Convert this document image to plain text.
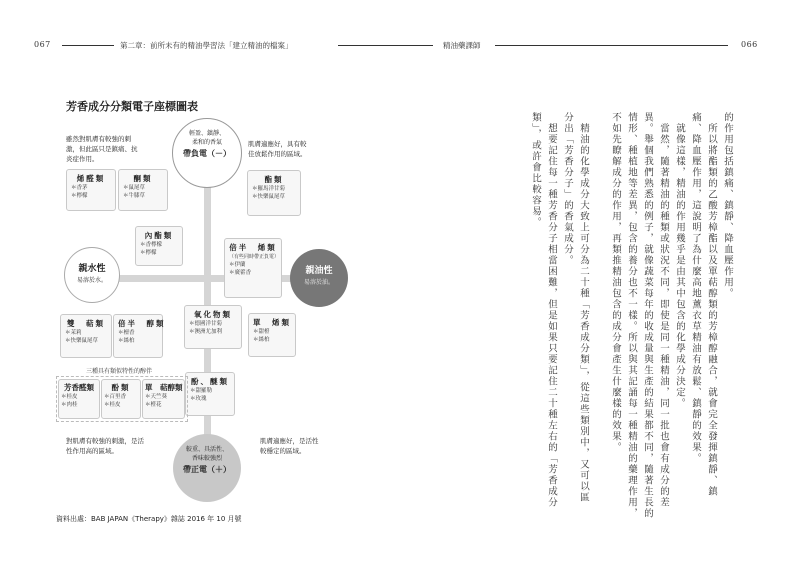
067	第二章：前所未有的精油學習法「建立精油的檔案」	精油藥課師	066
芳香成分分類電子座標圖表
輕盈、鎮靜、
柔和的香氣
帶負電（－）
較重、具活性、
香味較強烈
帶正電（＋）
親水性
易溶於水。
親油性
易溶於油。
雖然對肌膚有較強的刺
激，但此區只是鎮痛、抗
炎症作用。
肌膚適應好，具有較
佳放鬆作用的區域。
對肌膚有較強的刺激，是活
性作用高的區域。
肌膚適應好，是活性
較穩定的區域。
烯醛類
＊香茅
＊檸檬
酮類
＊鼠尾草
＊牛膝草
酯類
＊羅馬洋甘菊
＊快樂鼠尾草
內酯類
＊香檸檬
＊檸檬
倍半　烯類
（有些同時帶正負電）
＊伊蘭
＊廣藿香
雙　萜類
＊茉莉
＊快樂鼠尾草
倍半　醇類
＊檀香
＊絲柏
氧化物類
＊德國洋甘菊
＊澳洲尤加利
單　烯類
＊甜橙
＊絲柏
三種具有類似特性的醇伴
酚、醚類
＊甜羅勒
＊玫瑰
芳香醛類
＊桂皮
＊肉桂
酚類
＊百里香
＊桂皮
單　萜醇類
＊天竺葵
＊橙花
資料出處：BAB JAPAN《Therapy》雜誌 2016 年 10 月號
的作用包括鎮痛、鎮靜、降血壓作用。
　所以將酯類的乙酸芳樟酯以及單萜醇類的芳樟醇融合，就會完全發揮鎮靜、鎮
痛、降血壓作用，這說明了為什麼高地薰衣草精油有放鬆、鎮靜的效果。
　就像這樣，精油的作用幾乎是由其中包含的化學成分決定。
　當然，隨著精油的種類或狀況不同，即使是同一種精油，同一批也會有成分的差
異。舉個我們熟悉的例子，就像蔬菜每年的收成量與生產的結果都不同，隨著生長的
情形、種植地等差異，包含的養分也不一樣。所以與其記誦每一種精油的藥理作用，
不如先瞭解成分的作用，再類推精油包含的成分會產生什麼樣的效果。
　精油的化學成分大致上可分為二十種「芳香成分類」，從這些類別中，又可以區
分出「芳香分子」的香氣成分。
　想要記住每一種芳香分子相當困難，但是如果只要記住二十種左右的「芳香成分
類」，或許會比較容易。
